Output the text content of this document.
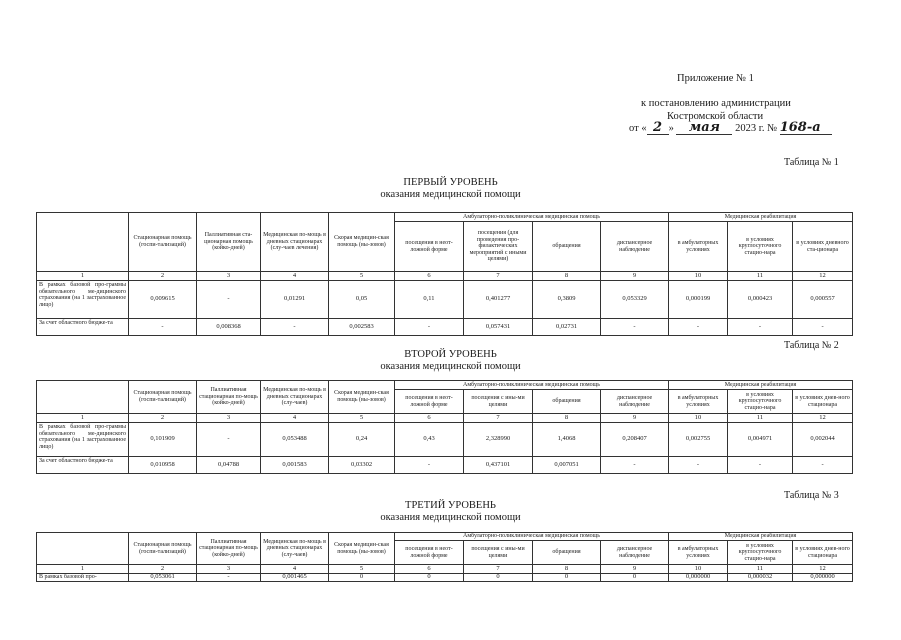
Приложение № 1
к постановлению администрации
Костромской области
от « 2 » мая 2023 г. № 168-а
Таблица № 1
ПЕРВЫЙ УРОВЕНЬ
оказания медицинской помощи
	Стационарная помощь (госпи-тализаций)	Паллиативная ста-ционарная помощь (койко-дней)	Медицинская по-мощь в дневных стационарах (слу-чаев лечения)	Скорая медицин-ская помощь (вы-зовов)	Амбулаторно-поликлиническая медицинская помощь				Медицинская реабилитация		
					посещения в неот-ложной форме	посещения (для проведения про-филактических мероприятий с иными целями)	обращения	диспансерное наблюдение	в амбулаторных условиях	в условиях круглосуточного стацио-нара	в условиях дневного ста-ционара
1	2	3	4	5	6	7	8	9	10	11	12
В рамках базовой про-граммы обязательного ме-дицинского страхования (на 1 застрахованное лицо)	0,009615	-	0,01291	0,05	0,11	0,401277	0,3809	0,053329	0,000199	0,000423	0,000557
За счет областного бюдже-та	-	0,008368	-	0,002583	-	0,057431	0,02731	-	-	-	-
Таблица № 2
ВТОРОЙ УРОВЕНЬ
оказания медицинской помощи
	Стационарная помощь (госпи-тализаций)	Паллиативная стационарная по-мощь (койко-дней)	Медицинская по-мощь в дневных стационарах (слу-чаев)	Скорая медицин-ская помощь (вы-зовов)	Амбулаторно-поликлиническая медицинская помощь				Медицинская реабилитация		
					посещения в неот-ложной форме	посещения с ины-ми целями	обращения	диспансерное наблюдение	в амбулаторных условиях	в условиях круглосуточного стацио-нара	в условиях днев-ного стационара
1	2	3	4	5	6	7	8	9	10	11	12
В рамках базовой про-граммы обязательного ме-дицинского страхования (на 1 застрахованное лицо)	0,101909	-	0,053488	0,24	0,43	2,328990	1,4068	0,208407	0,002755	0,004971	0,002044
За счет областного бюдже-та	0,010958	0,04788	0,001583	0,03302	-	0,437101	0,007051	-	-	-	-
Таблица № 3
ТРЕТИЙ УРОВЕНЬ
оказания медицинской помощи
	Стационарная помощь (госпи-тализаций)	Паллиативная стационарная по-мощь (койко-дней)	Медицинская по-мощь в дневных стационарах (слу-чаев)	Скорая медицин-ская помощь (вы-зовов)	Амбулаторно-поликлиническая медицинская помощь				Медицинская реабилитация		
					посещения в неот-ложной форме	посещения с ины-ми целями	обращения	диспансерное наблюдение	в амбулаторных условиях	в условиях круглосуточного стацио-нара	в условиях днев-ного стационара
1	2	3	4	5	6	7	8	9	10	11	12
В рамках базовой про-	0,053061	-	0,001465	0	0	0	0	0	0,000000	0,000032	0,000000
